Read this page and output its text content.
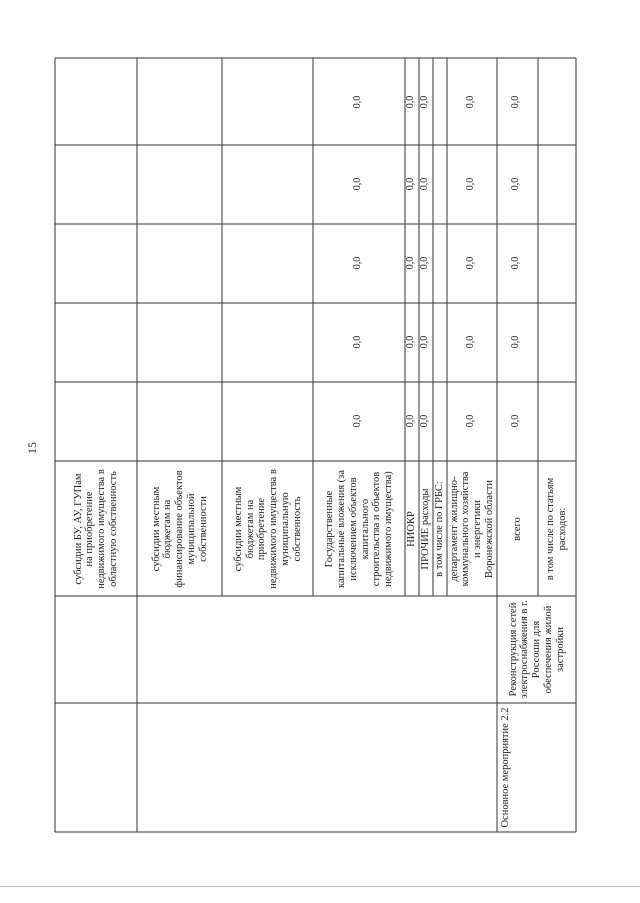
15
субсидии БУ, АУ, ГУПам на приобретение недвижимого имущества в областную собственность	субсидии местным бюджетам на финансирование объектов муниципальной собственности субсидии местным бюджетам на приобретение недвижимого имущества в муниципальную собственность Государственные капитальные вложения (за исключением объектов капитального строительства и объектов недвижимого имущества) НИОКР ПРОЧИЕ расходы в том числе по ГРБС: департамент жилищно- коммунального хозяйства и энергетики Воронежской области всего в том числе по статьям расходов:
Основное мероприятие 2.2
Реконструкция сетей электроснабжения в г. Россоши для обеспечения жилой застройки
0,0
0,0
0,0
0,0
0,0
0,0
0,0
0,0
0,0
0,0
0,0
0,0
0,0
0,0
0,0
0,0
0,0
0,0
0,0
0,0
0,0
0,0
0,0
0,0
0,0
